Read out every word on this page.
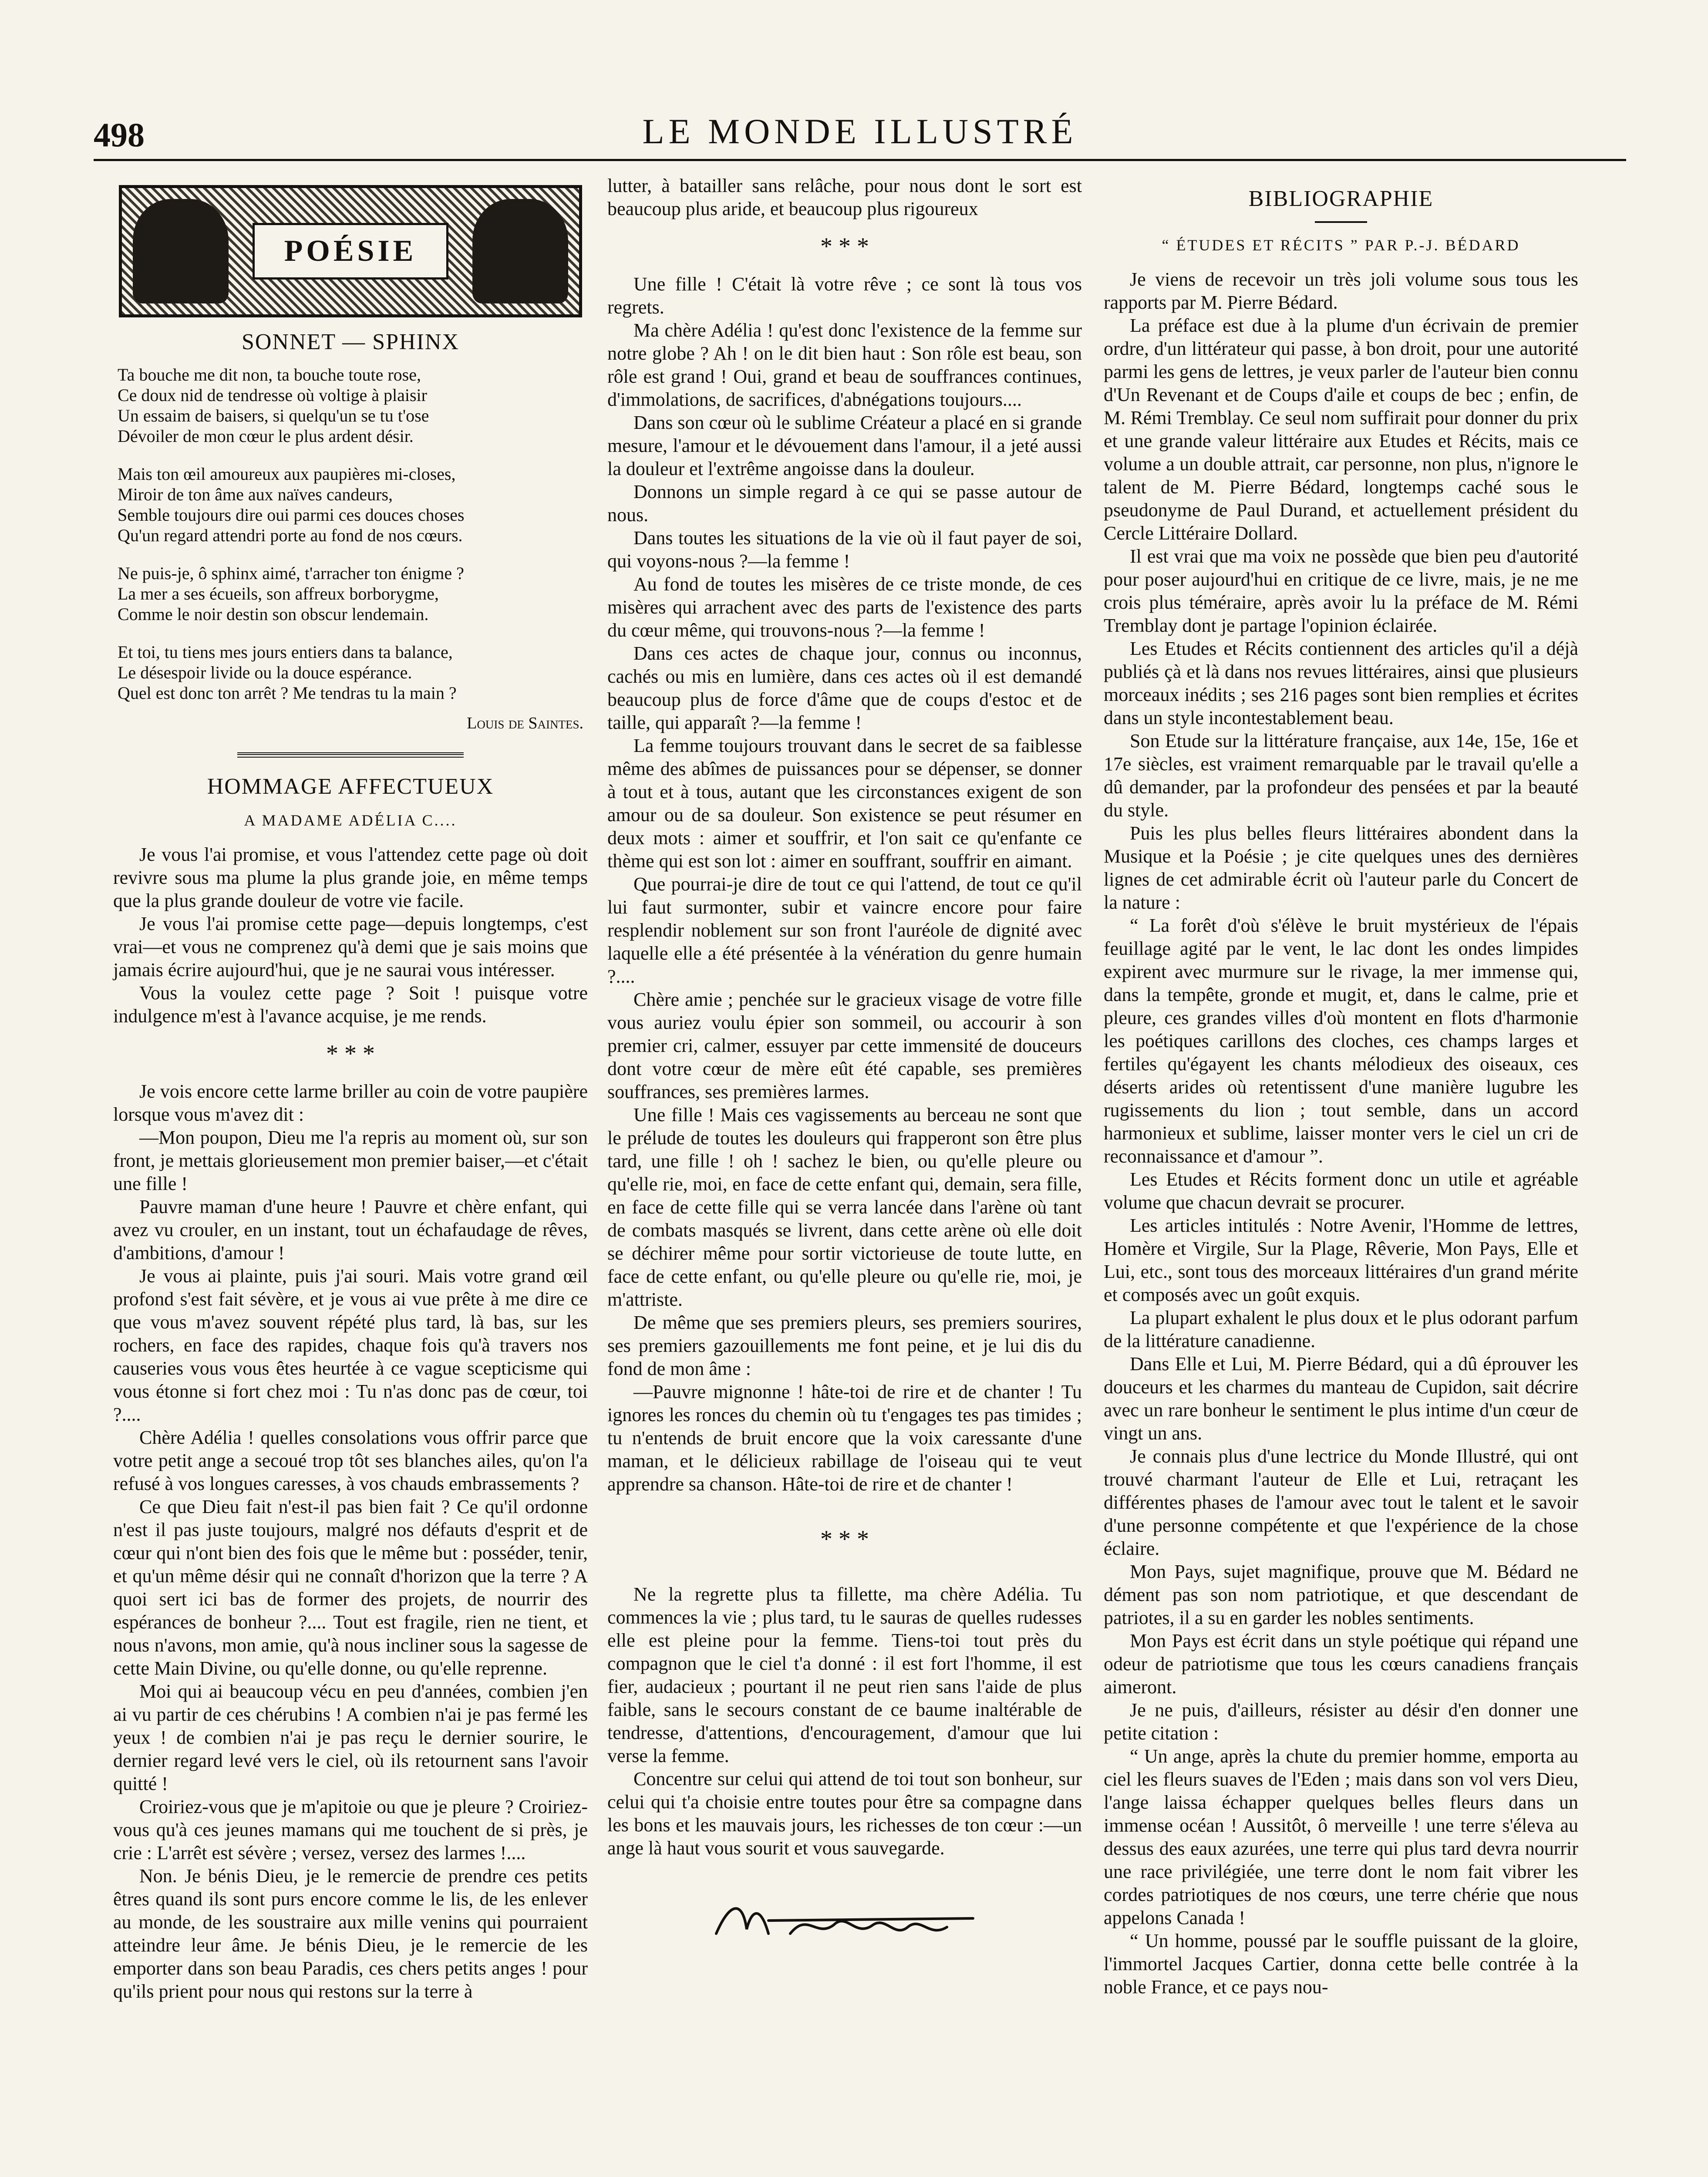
498	LE MONDE ILLUSTRÉ
POÉSIE
SONNET — SPHINX
Ta bouche me dit non, ta bouche toute rose,
Ce doux nid de tendresse où voltige à plaisir
Un essaim de baisers, si quelqu'un se tu t'ose
Dévoiler de mon cœur le plus ardent désir.
Mais ton œil amoureux aux paupières mi-closes,
Miroir de ton âme aux naïves candeurs,
Semble toujours dire oui parmi ces douces choses
Qu'un regard attendri porte au fond de nos cœurs.
Ne puis-je, ô sphinx aimé, t'arracher ton énigme ?
La mer a ses écueils, son affreux borborygme,
Comme le noir destin son obscur lendemain.
Et toi, tu tiens mes jours entiers dans ta balance,
Le désespoir livide ou la douce espérance.
Quel est donc ton arrêt ? Me tendras tu la main ?
Louis de Saintes.
HOMMAGE AFFECTUEUX
A MADAME ADÉLIA C....

Je vous l'ai promise, et vous l'attendez cette page où doit revivre sous ma plume la plus grande joie, en même temps que la plus grande douleur de votre vie facile.

Je vous l'ai promise cette page—depuis longtemps, c'est vrai—et vous ne comprenez qu'à demi que je sais moins que jamais écrire aujourd'hui, que je ne saurai vous intéresser.

Vous la voulez cette page ? Soit ! puisque votre indulgence m'est à l'avance acquise, je me rends.

* * *

Je vois encore cette larme briller au coin de votre paupière lorsque vous m'avez dit :

—Mon poupon, Dieu me l'a repris au moment où, sur son front, je mettais glorieusement mon premier baiser,—et c'était une fille !

Pauvre maman d'une heure ! Pauvre et chère enfant, qui avez vu crouler, en un instant, tout un échafaudage de rêves, d'ambitions, d'amour !

Je vous ai plainte, puis j'ai souri. Mais votre grand œil profond s'est fait sévère, et je vous ai vue prête à me dire ce que vous m'avez souvent répété plus tard, là bas, sur les rochers, en face des rapides, chaque fois qu'à travers nos causeries vous vous êtes heurtée à ce vague scepticisme qui vous étonne si fort chez moi : Tu n'as donc pas de cœur, toi ?....

Chère Adélia ! quelles consolations vous offrir parce que votre petit ange a secoué trop tôt ses blanches ailes, qu'on l'a refusé à vos longues caresses, à vos chauds embrassements ?

Ce que Dieu fait n'est-il pas bien fait ? Ce qu'il ordonne n'est il pas juste toujours, malgré nos défauts d'esprit et de cœur qui n'ont bien des fois que le même but : posséder, tenir, et qu'un même désir qui ne connaît d'horizon que la terre ? A quoi sert ici bas de former des projets, de nourrir des espérances de bonheur ?.... Tout est fragile, rien ne tient, et nous n'avons, mon amie, qu'à nous incliner sous la sagesse de cette Main Divine, ou qu'elle donne, ou qu'elle reprenne.

Moi qui ai beaucoup vécu en peu d'années, combien j'en ai vu partir de ces chérubins ! A combien n'ai je pas fermé les yeux ! de combien n'ai je pas reçu le dernier sourire, le dernier regard levé vers le ciel, où ils retournent sans l'avoir quitté !

Croiriez-vous que je m'apitoie ou que je pleure ? Croiriez-vous qu'à ces jeunes mamans qui me touchent de si près, je crie : L'arrêt est sévère ; versez, versez des larmes !....

Non. Je bénis Dieu, je le remercie de prendre ces petits êtres quand ils sont purs encore comme le lis, de les enlever au monde, de les soustraire aux mille venins qui pourraient atteindre leur âme. Je bénis Dieu, je le remercie de les emporter dans son beau Paradis, ces chers petits anges ! pour qu'ils prient pour nous qui restons sur la terre à

lutter, à batailler sans relâche, pour nous dont le sort est beaucoup plus aride, et beaucoup plus rigoureux

* * *

Une fille ! C'était là votre rêve ; ce sont là tous vos regrets.

Ma chère Adélia ! qu'est donc l'existence de la femme sur notre globe ? Ah ! on le dit bien haut : Son rôle est beau, son rôle est grand ! Oui, grand et beau de souffrances continues, d'immolations, de sacrifices, d'abnégations toujours....

Dans son cœur où le sublime Créateur a placé en si grande mesure, l'amour et le dévouement dans l'amour, il a jeté aussi la douleur et l'extrême angoisse dans la douleur.

Donnons un simple regard à ce qui se passe autour de nous.

Dans toutes les situations de la vie où il faut payer de soi, qui voyons-nous ?—la femme !

Au fond de toutes les misères de ce triste monde, de ces misères qui arrachent avec des parts de l'existence des parts du cœur même, qui trouvons-nous ?—la femme !

Dans ces actes de chaque jour, connus ou inconnus, cachés ou mis en lumière, dans ces actes où il est demandé beaucoup plus de force d'âme que de coups d'estoc et de taille, qui apparaît ?—la femme !

La femme toujours trouvant dans le secret de sa faiblesse même des abîmes de puissances pour se dépenser, se donner à tout et à tous, autant que les circonstances exigent de son amour ou de sa douleur. Son existence se peut résumer en deux mots : aimer et souffrir, et l'on sait ce qu'enfante ce thème qui est son lot : aimer en souffrant, souffrir en aimant.

Que pourrai-je dire de tout ce qui l'attend, de tout ce qu'il lui faut surmonter, subir et vaincre encore pour faire resplendir noblement sur son front l'auréole de dignité avec laquelle elle a été présentée à la vénération du genre humain ?....

Chère amie ; penchée sur le gracieux visage de votre fille vous auriez voulu épier son sommeil, ou accourir à son premier cri, calmer, essuyer par cette immensité de douceurs dont votre cœur de mère eût été capable, ses premières souffrances, ses premières larmes.

Une fille ! Mais ces vagissements au berceau ne sont que le prélude de toutes les douleurs qui frapperont son être plus tard, une fille ! oh ! sachez le bien, ou qu'elle pleure ou qu'elle rie, moi, en face de cette enfant qui, demain, sera fille, en face de cette fille qui se verra lancée dans l'arène où tant de combats masqués se livrent, dans cette arène où elle doit se déchirer même pour sortir victorieuse de toute lutte, en face de cette enfant, ou qu'elle pleure ou qu'elle rie, moi, je m'attriste.

De même que ses premiers pleurs, ses premiers sourires, ses premiers gazouillements me font peine, et je lui dis du fond de mon âme :

—Pauvre mignonne ! hâte-toi de rire et de chanter ! Tu ignores les ronces du chemin où tu t'engages tes pas timides ; tu n'entends de bruit encore que la voix caressante d'une maman, et le délicieux rabillage de l'oiseau qui te veut apprendre sa chanson. Hâte-toi de rire et de chanter !

* * *

Ne la regrette plus ta fillette, ma chère Adélia. Tu commences la vie ; plus tard, tu le sauras de quelles rudesses elle est pleine pour la femme. Tiens-toi tout près du compagnon que le ciel t'a donné : il est fort l'homme, il est fier, audacieux ; pourtant il ne peut rien sans l'aide de plus faible, sans le secours constant de ce baume inaltérable de tendresse, d'attentions, d'encouragement, d'amour que lui verse la femme.

Concentre sur celui qui attend de toi tout son bonheur, sur celui qui t'a choisie entre toutes pour être sa compagne dans les bons et les mauvais jours, les richesses de ton cœur :—un ange là haut vous sourit et vous sauvegarde.

BIBLIOGRAPHIE
“ ÉTUDES ET RÉCITS ” PAR P.-J. BÉDARD

Je viens de recevoir un très joli volume sous tous les rapports par M. Pierre Bédard.

La préface est due à la plume d'un écrivain de premier ordre, d'un littérateur qui passe, à bon droit, pour une autorité parmi les gens de lettres, je veux parler de l'auteur bien connu d'Un Revenant et de Coups d'aile et coups de bec ; enfin, de M. Rémi Tremblay. Ce seul nom suffirait pour donner du prix et une grande valeur littéraire aux Etudes et Récits, mais ce volume a un double attrait, car personne, non plus, n'ignore le talent de M. Pierre Bédard, longtemps caché sous le pseudonyme de Paul Durand, et actuellement président du Cercle Littéraire Dollard.

Il est vrai que ma voix ne possède que bien peu d'autorité pour poser aujourd'hui en critique de ce livre, mais, je ne me crois plus téméraire, après avoir lu la préface de M. Rémi Tremblay dont je partage l'opinion éclairée.

Les Etudes et Récits contiennent des articles qu'il a déjà publiés çà et là dans nos revues littéraires, ainsi que plusieurs morceaux inédits ; ses 216 pages sont bien remplies et écrites dans un style incontestablement beau.

Son Etude sur la littérature française, aux 14e, 15e, 16e et 17e siècles, est vraiment remarquable par le travail qu'elle a dû demander, par la profondeur des pensées et par la beauté du style.

Puis les plus belles fleurs littéraires abondent dans la Musique et la Poésie ; je cite quelques unes des dernières lignes de cet admirable écrit où l'auteur parle du Concert de la nature :

“ La forêt d'où s'élève le bruit mystérieux de l'épais feuillage agité par le vent, le lac dont les ondes limpides expirent avec murmure sur le rivage, la mer immense qui, dans la tempête, gronde et mugit, et, dans le calme, prie et pleure, ces grandes villes d'où montent en flots d'harmonie les poétiques carillons des cloches, ces champs larges et fertiles qu'égayent les chants mélodieux des oiseaux, ces déserts arides où retentissent d'une manière lugubre les rugissements du lion ; tout semble, dans un accord harmonieux et sublime, laisser monter vers le ciel un cri de reconnaissance et d'amour ”.

Les Etudes et Récits forment donc un utile et agréable volume que chacun devrait se procurer.

Les articles intitulés : Notre Avenir, l'Homme de lettres, Homère et Virgile, Sur la Plage, Rêverie, Mon Pays, Elle et Lui, etc., sont tous des morceaux littéraires d'un grand mérite et composés avec un goût exquis.

La plupart exhalent le plus doux et le plus odorant parfum de la littérature canadienne.

Dans Elle et Lui, M. Pierre Bédard, qui a dû éprouver les douceurs et les charmes du manteau de Cupidon, sait décrire avec un rare bonheur le sentiment le plus intime d'un cœur de vingt un ans.

Je connais plus d'une lectrice du Monde Illustré, qui ont trouvé charmant l'auteur de Elle et Lui, retraçant les différentes phases de l'amour avec tout le talent et le savoir d'une personne compétente et que l'expérience de la chose éclaire.

Mon Pays, sujet magnifique, prouve que M. Bédard ne dément pas son nom patriotique, et que descendant de patriotes, il a su en garder les nobles sentiments.

Mon Pays est écrit dans un style poétique qui répand une odeur de patriotisme que tous les cœurs canadiens français aimeront.

Je ne puis, d'ailleurs, résister au désir d'en donner une petite citation :

“ Un ange, après la chute du premier homme, emporta au ciel les fleurs suaves de l'Eden ; mais dans son vol vers Dieu, l'ange laissa échapper quelques belles fleurs dans un immense océan ! Aussitôt, ô merveille ! une terre s'éleva au dessus des eaux azurées, une terre qui plus tard devra nourrir une race privilégiée, une terre dont le nom fait vibrer les cordes patriotiques de nos cœurs, une terre chérie que nous appelons Canada !

“ Un homme, poussé par le souffle puissant de la gloire, l'immortel Jacques Cartier, donna cette belle contrée à la noble France, et ce pays nou-
